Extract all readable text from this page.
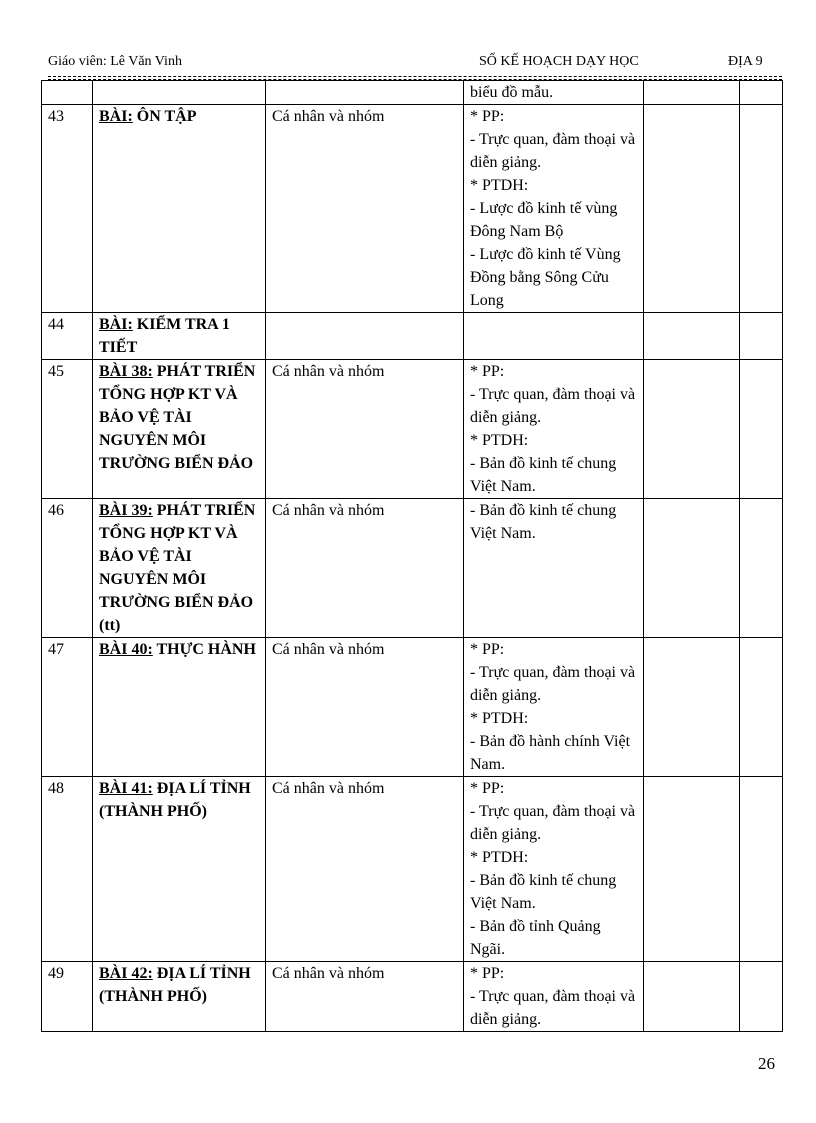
Giáo viên: Lê Văn Vinh	SỔ KẾ HOẠCH DẠY HỌC	ĐỊA 9
			biểu đồ mẫu.		
43	BÀI: ÔN TẬP	Cá nhân và nhóm	* PP:
- Trực quan, đàm thoại và diễn giảng.
* PTDH:
- Lược đồ kinh tế vùng Đông Nam Bộ
- Lược đồ kinh tế Vùng Đồng bằng Sông Cửu Long		

44	BÀI: KIỂM TRA 1 TIẾT				
45	BÀI 38: PHÁT TRIỂN TỔNG HỢP KT VÀ BẢO VỆ TÀI NGUYÊN MÔI TRƯỜNG BIỂN ĐẢO	Cá nhân và nhóm	* PP:
- Trực quan, đàm thoại và diễn giảng.
* PTDH:
- Bản đồ kinh tế chung Việt Nam.		

46	BÀI 39: PHÁT TRIỂN TỔNG HỢP KT VÀ BẢO VỆ TÀI NGUYÊN MÔI TRƯỜNG BIỂN ĐẢO (tt)	Cá nhân và nhóm	- Bản đồ kinh tế chung Việt Nam.		

47	BÀI 40: THỰC HÀNH	Cá nhân và nhóm	* PP:
- Trực quan, đàm thoại và diễn giảng.
* PTDH:
- Bản đồ hành chính Việt Nam.		

48	BÀI 41: ĐỊA LÍ TỈNH (THÀNH PHỐ)	Cá nhân và nhóm	* PP:
- Trực quan, đàm thoại và diễn giảng.
* PTDH:
- Bản đồ kinh tế chung Việt Nam.
- Bản đồ tỉnh Quảng Ngãi.		

49	BÀI 42: ĐỊA LÍ TỈNH (THÀNH PHỐ)	Cá nhân và nhóm	* PP:
- Trực quan, đàm thoại và diễn giảng.		

26
